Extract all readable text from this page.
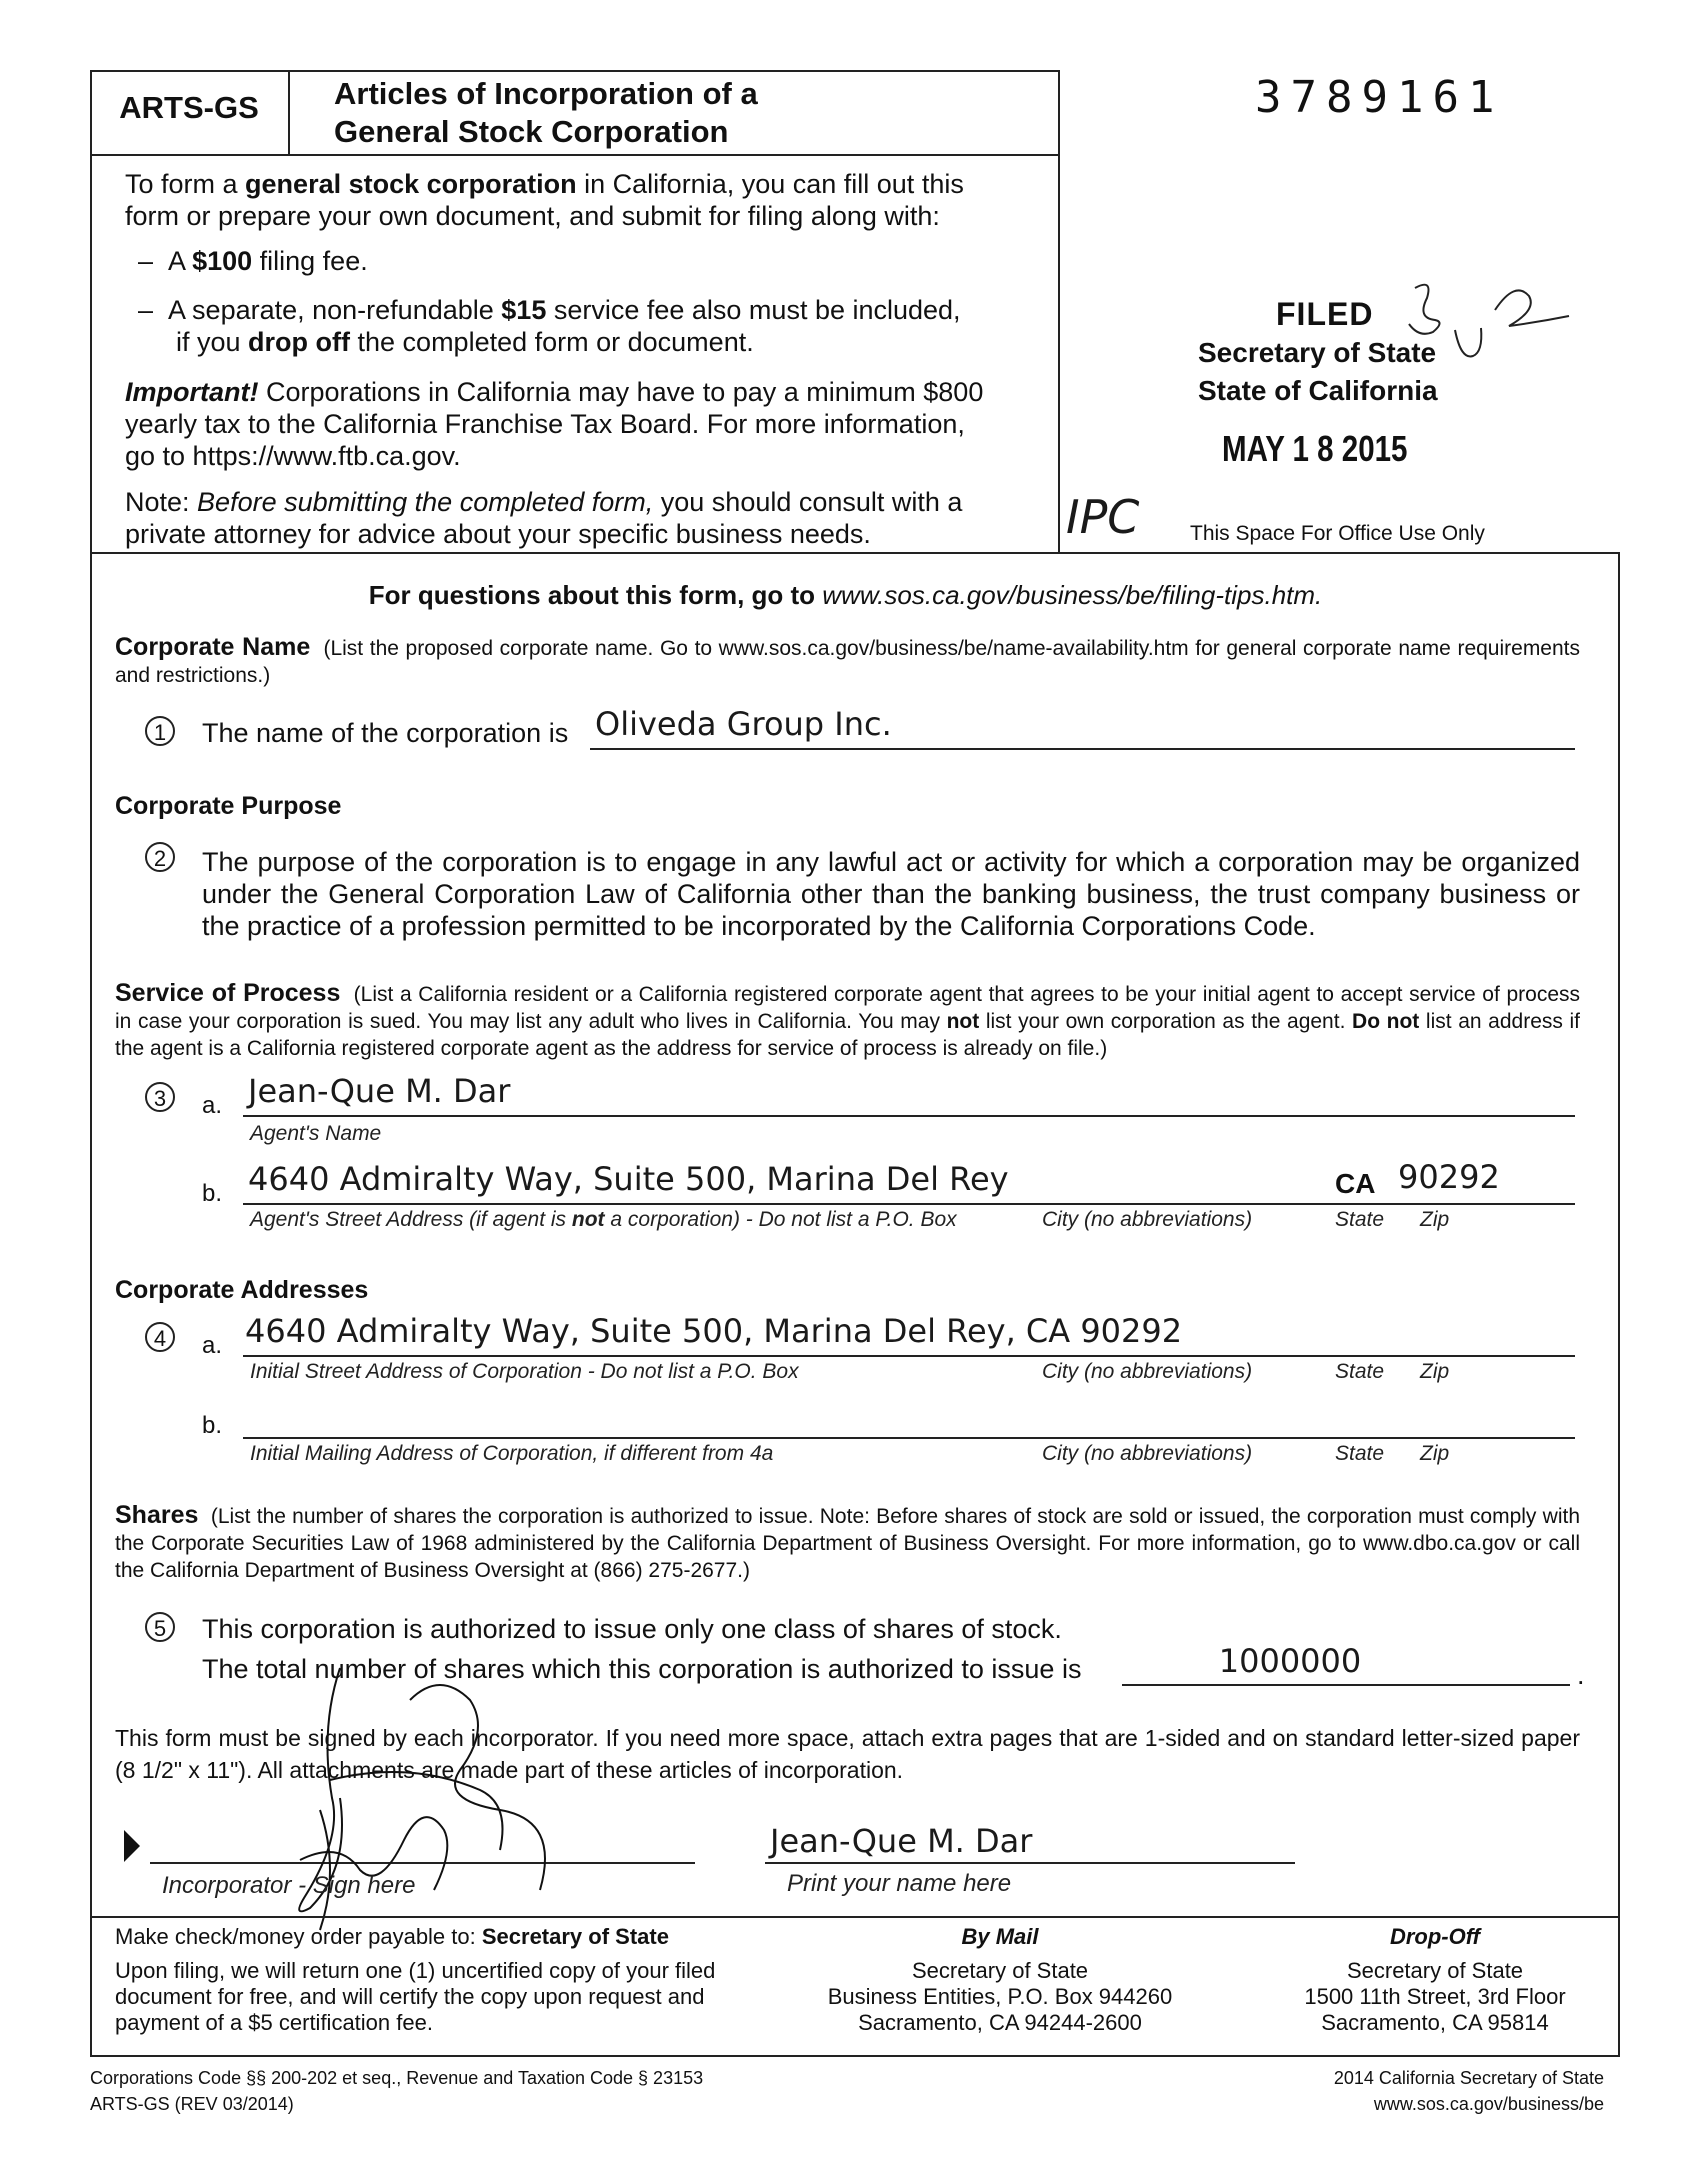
ARTS-GS	Articles of Incorporation of a
General Stock Corporation
3789161
FILED
Secretary of State
State of California
MAY 1 8 2015
IPC This Space For Office Use Only
To form a general stock corporation in California, you can fill out this
form or prepare your own document, and submit for filing along with:
–  A $100 filing fee.
–  A separate, non-refundable $15 service fee also must be included,
if you drop off the completed form or document.
Important! Corporations in California may have to pay a minimum $800
yearly tax to the California Franchise Tax Board. For more information,
go to https://www.ftb.ca.gov.
Note: Before submitting the completed form, you should consult with a
private attorney for advice about your specific business needs.
For questions about this form, go to www.sos.ca.gov/business/be/filing-tips.htm.
Corporate Name (List the proposed corporate name. Go to www.sos.ca.gov/business/be/name-availability.htm for general corporate name requirements and restrictions.)
1	The name of the corporation is Oliveda Group Inc.
Corporate Purpose
2	The purpose of the corporation is to engage in any lawful act or activity for which a corporation may be organized under the General Corporation Law of California other than the banking business, the trust company business or the practice of a profession permitted to be incorporated by the California Corporations Code.
Service of Process (List a California resident or a California registered corporate agent that agrees to be your initial agent to accept service of process in case your corporation is sued. You may list any adult who lives in California. You may not list your own corporation as the agent. Do not list an address if the agent is a California registered corporate agent as the address for service of process is already on file.)
3	a. Jean-Que M. Dar
Agent's Name
b. 4640 Admiralty Way, Suite 500, Marina Del Rey	CA 90292
Agent's Street Address (if agent is not a corporation) - Do not list a P.O. Box	City (no abbreviations)	State Zip
Corporate Addresses
4	a. 4640 Admiralty Way, Suite 500, Marina Del Rey, CA 90292
Initial Street Address of Corporation - Do not list a P.O. Box	City (no abbreviations)	State Zip
b.
Initial Mailing Address of Corporation, if different from 4a	City (no abbreviations)	State Zip
Shares (List the number of shares the corporation is authorized to issue. Note: Before shares of stock are sold or issued, the corporation must comply with the Corporate Securities Law of 1968 administered by the California Department of Business Oversight. For more information, go to www.dbo.ca.gov or call the California Department of Business Oversight at (866) 275-2677.)
5	This corporation is authorized to issue only one class of shares of stock.
The total number of shares which this corporation is authorized to issue is	1000000	.
This form must be signed by each incorporator. If you need more space, attach extra pages that are 1-sided and on standard letter-sized paper (8 1/2" x 11"). All attachments are made part of these articles of incorporation.
Incorporator - Sign here
Jean-Que M. Dar
Print your name here
Make check/money order payable to: Secretary of State
Upon filing, we will return one (1) uncertified copy of your filed document for free, and will certify the copy upon request and payment of a $5 certification fee.
By Mail
Secretary of State
Business Entities, P.O. Box 944260
Sacramento, CA 94244-2600
Drop-Off
Secretary of State
1500 11th Street, 3rd Floor
Sacramento, CA 95814
Corporations Code §§ 200-202 et seq., Revenue and Taxation Code § 23153
ARTS-GS (REV 03/2014)
2014 California Secretary of State
www.sos.ca.gov/business/be
